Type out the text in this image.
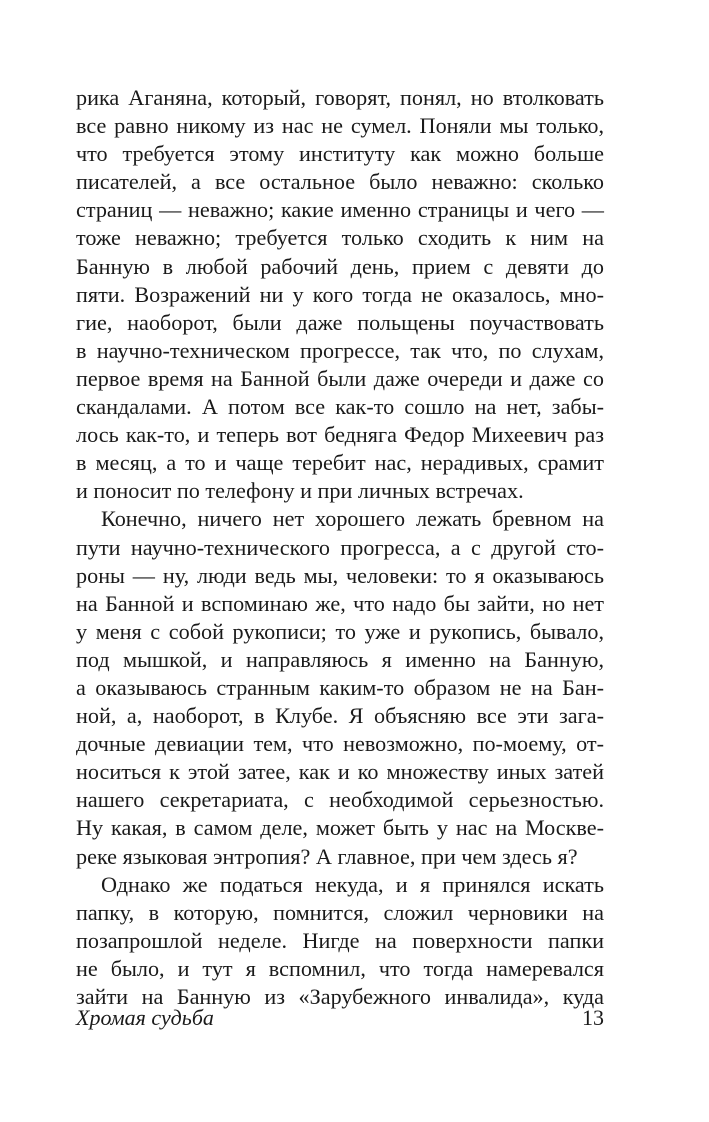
рика Аганяна, который, говорят, понял, но втолковать
все равно никому из нас не сумел. Поняли мы только,
что требуется этому институту как можно больше
писателей, а все остальное было неважно: сколько
страниц — неважно; какие именно страницы и чего —
тоже неважно; требуется только сходить к ним на
Банную в любой рабочий день, прием с девяти до
пяти. Возражений ни у кого тогда не оказалось, мно-
гие, наоборот, были даже польщены поучаствовать
в научно-техническом прогрессе, так что, по слухам,
первое время на Банной были даже очереди и даже со
скандалами. А потом все как-то сошло на нет, забы-
лось как-то, и теперь вот бедняга Федор Михеевич раз
в месяц, а то и чаще теребит нас, нерадивых, срамит
и поносит по телефону и при личных встречах.
Конечно, ничего нет хорошего лежать бревном на
пути научно-технического прогресса, а с другой сто-
роны — ну, люди ведь мы, человеки: то я оказываюсь
на Банной и вспоминаю же, что надо бы зайти, но нет
у меня с собой рукописи; то уже и рукопись, бывало,
под мышкой, и направляюсь я именно на Банную,
а оказываюсь странным каким-то образом не на Бан-
ной, а, наоборот, в Клубе. Я объясняю все эти зага-
дочные девиации тем, что невозможно, по-моему, от-
носиться к этой затее, как и ко множеству иных затей
нашего секретариата, с необходимой серьезностью.
Ну какая, в самом деле, может быть у нас на Москве-
реке языковая энтропия? А главное, при чем здесь я?
Однако же податься некуда, и я принялся искать
папку, в которую, помнится, сложил черновики на
позапрошлой неделе. Нигде на поверхности папки
не было, и тут я вспомнил, что тогда намеревался
зайти на Банную из «Зарубежного инвалида», куда
Хромая судьба	13
